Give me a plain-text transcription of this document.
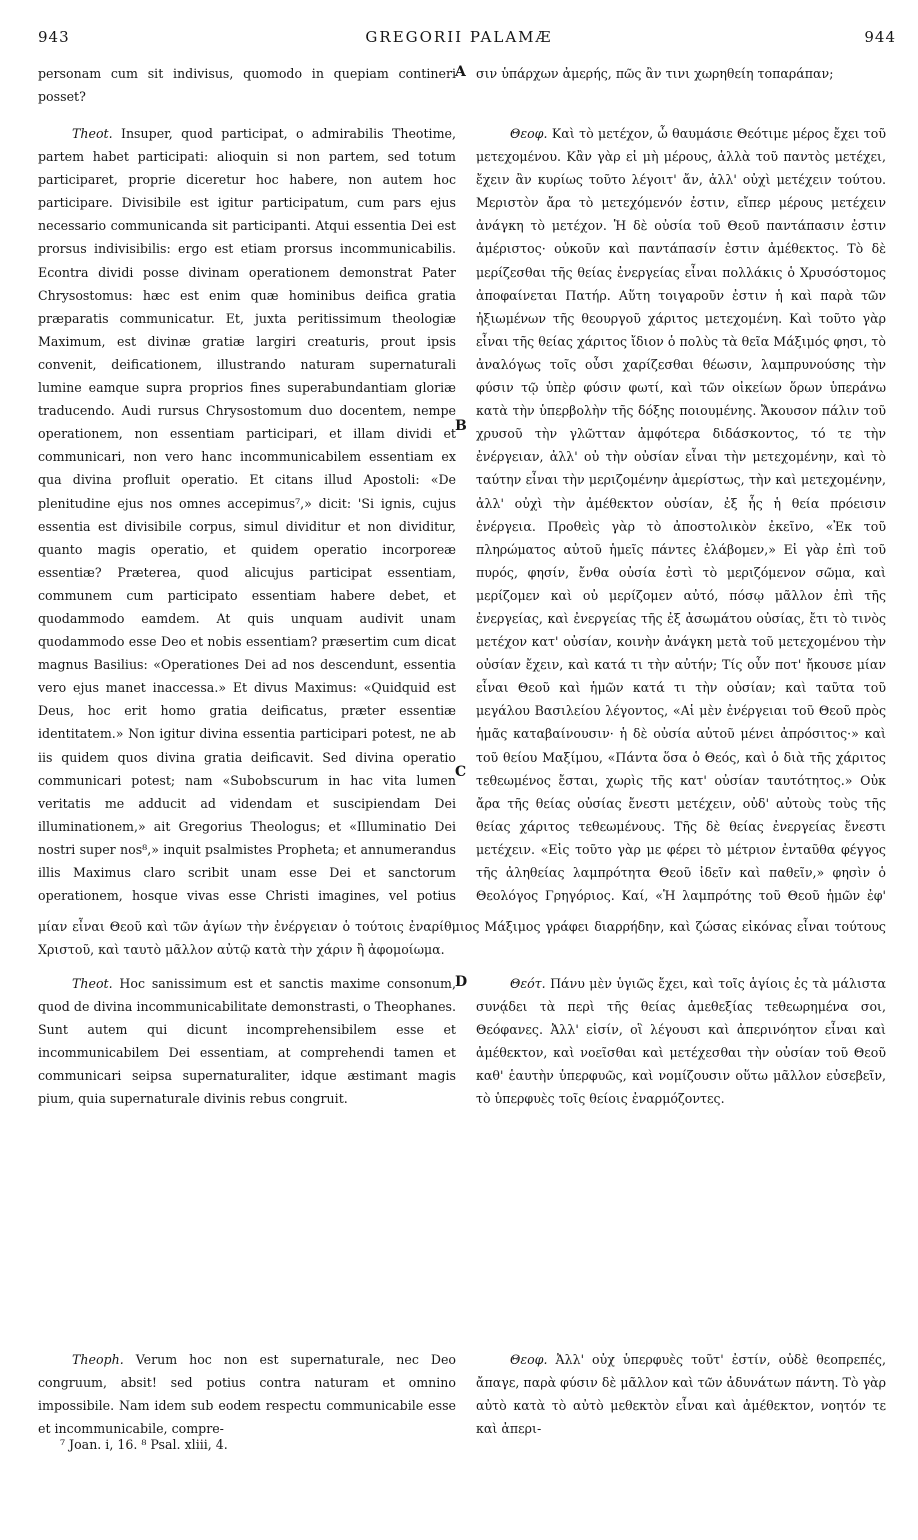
943	GREGORII PALAMÆ	944

personam cum sit indivisus, quomodo in quepiam contineri posset?

σιν ὑπάρχων ἀμερής, πῶς ἂν τινι χωρηθείη τοπαράπαν;

Theot. Insuper, quod participat, o admirabilis Theotime, partem habet participati: alioquin si non partem, sed totum participaret, proprie diceretur hoc habere, non autem hoc participare. Divisibile est igitur participatum, cum pars ejus necessario communicanda sit participanti. Atqui essentia Dei est prorsus indivisibilis: ergo est etiam prorsus incommunicabilis. Econtra dividi posse divinam operationem demonstrat Pater Chrysostomus: hæc est enim quæ hominibus deifica gratia præparatis communicatur. Et, juxta peritissimum theologiæ Maximum, est divinæ gratiæ largiri creaturis, prout ipsis convenit, deificationem, illustrando naturam supernaturali lumine eamque supra proprios fines superabundantiam gloriæ traducendo. Audi rursus Chrysostomum duo docentem, nempe operationem, non essentiam participari, et illam dividi et communicari, non vero hanc incommunicabilem essentiam ex qua divina profluit operatio. Et citans illud Apostoli: «De plenitudine ejus nos omnes accepimus⁷,» dicit: 'Si ignis, cujus essentia est divisibile corpus, simul dividitur et non dividitur, quanto magis operatio, et quidem operatio incorporeæ essentiæ? Præterea, quod alicujus participat essentiam, communem cum participato essentiam habere debet, et quodammodo eamdem. At quis unquam audivit unam quodammodo esse Deo et nobis essentiam? præsertim cum dicat magnus Basilius: «Operationes Dei ad nos descendunt, essentia vero ejus manet inaccessa.» Et divus Maximus: «Quidquid est Deus, hoc erit homo gratia deificatus, præter essentiæ identitatem.» Non igitur divina essentia participari potest, ne ab iis quidem quos divina gratia deificavit. Sed divina operatio communicari potest; nam «Subobscurum in hac vita lumen veritatis me adducit ad videndam et suscipiendam Dei illuminationem,» ait Gregorius Theologus; et «Illuminatio Dei nostri super nos⁸,» inquit psalmistes Propheta; et annumerandus illis Maximus claro scribit unam esse Dei et sanctorum operationem, hosque vivas esse Christi imagines, vel potius

Θεοφ. Καὶ τὸ μετέχον, ὦ θαυμάσιε Θεότιμε μέρος ἔχει τοῦ μετεχομένου. Κἂν γὰρ εἰ μὴ μέρους, ἀλλὰ τοῦ παντὸς μετέχει, ἔχειν ἂν κυρίως τοῦτο λέγοιτ' ἄν, ἀλλ' οὐχὶ μετέχειν τούτου. Μεριστὸν ἄρα τὸ μετεχόμενόν ἐστιν, εἴπερ μέρους μετέχειν ἀνάγκη τὸ μετέχον. Ἡ δὲ οὐσία τοῦ Θεοῦ παντάπασιν ἐστιν ἀμέριστος· οὐκοῦν καὶ παντάπασίν ἐστιν ἀμέθεκτος. Τὸ δὲ μερίζεσθαι τῆς θείας ἐνεργείας εἶναι πολλάκις ὁ Χρυσόστομος ἀποφαίνεται Πατήρ. Αὕτη τοιγαροῦν ἐστιν ἡ καὶ παρὰ τῶν ἠξιωμένων τῆς θεουργοῦ χάριτος μετεχομένη. Καὶ τοῦτο γὰρ εἶναι τῆς θείας χάριτος ἴδιον ὁ πολὺς τὰ θεῖα Μάξιμός φησι, τὸ ἀναλόγως τοῖς οὖσι χαρίζεσθαι θέωσιν, λαμπρυνούσης τὴν φύσιν τῷ ὑπὲρ φύσιν φωτί, καὶ τῶν οἰκείων ὅρων ὑπεράνω κατὰ τὴν ὑπερβολὴν τῆς δόξης ποιουμένης. Ἄκουσον πάλιν τοῦ χρυσοῦ τὴν γλῶτταν ἀμφότερα διδάσκοντος, τό τε τὴν ἐνέργειαν, ἀλλ' οὐ τὴν οὐσίαν εἶναι τὴν μετεχομένην, καὶ τὸ ταύτην εἶναι τὴν μεριζομένην ἀμερίστως, τὴν καὶ μετεχομένην, ἀλλ' οὐχὶ τὴν ἀμέθεκτον οὐσίαν, ἐξ ἧς ἡ θεία πρόεισιν ἐνέργεια. Προθεὶς γὰρ τὸ ἀποστολικὸν ἐκεῖνο, «Ἐκ τοῦ πληρώματος αὐτοῦ ἡμεῖς πάντες ἐλάβομεν,» Εἰ γὰρ ἐπὶ τοῦ πυρός, φησίν, ἔνθα οὐσία ἐστὶ τὸ μεριζόμενον σῶμα, καὶ μερίζομεν καὶ οὐ μερίζομεν αὐτό, πόσῳ μᾶλλον ἐπὶ τῆς ἐνεργείας, καὶ ἐνεργείας τῆς ἐξ ἀσωμάτου οὐσίας, ἔτι τὸ τινὸς μετέχον κατ' οὐσίαν, κοινὴν ἀνάγκη μετὰ τοῦ μετεχομένου τὴν οὐσίαν ἔχειν, καὶ κατά τι τὴν αὐτήν; Τίς οὖν ποτ' ἤκουσε μίαν εἶναι Θεοῦ καὶ ἡμῶν κατά τι τὴν οὐσίαν; καὶ ταῦτα τοῦ μεγάλου Βασιλείου λέγοντος, «Αἱ μὲν ἐνέργειαι τοῦ Θεοῦ πρὸς ἡμᾶς καταβαίνουσιν· ἡ δὲ οὐσία αὐτοῦ μένει ἀπρόσιτος·» καὶ τοῦ θείου Μαξίμου, «Πάντα ὅσα ὁ Θεός, καὶ ὁ διὰ τῆς χάριτος τεθεωμένος ἔσται, χωρὶς τῆς κατ' οὐσίαν ταυτότητος.» Οὐκ ἄρα τῆς θείας οὐσίας ἔνεστι μετέχειν, οὐδ' αὐτοὺς τοὺς τῆς θείας χάριτος τεθεωμένους. Τῆς δὲ θείας ἐνεργείας ἔνεστι μετέχειν. «Εἰς τοῦτο γὰρ με φέρει τὸ μέτριον ἐνταῦθα φέγγος τῆς ἀληθείας λαμπρότητα Θεοῦ ἰδεῖν καὶ παθεῖν,» φησὶν ὁ Θεολόγος Γρηγόριος. Καί, «Ἡ λαμπρότης τοῦ Θεοῦ ἡμῶν ἐφ'

μίαν εἶναι Θεοῦ καὶ τῶν ἁγίων τὴν ἐνέργειαν ὁ τούτοις ἐναρίθμιος Μάξιμος γράφει διαρρήδην, καὶ ζώσας εἰκόνας εἶναι τούτους Χριστοῦ, καὶ ταυτὸ μᾶλλον αὐτῷ κατὰ τὴν χάριν ἢ ἀφομοίωμα.

Theot. Hoc sanissimum est et sanctis maxime consonum, quod de divina incommunicabilitate demonstrasti, o Theophanes. Sunt autem qui dicunt incomprehensibilem esse et incommunicabilem Dei essentiam, at comprehendi tamen et communicari seipsa supernaturaliter, idque æstimant magis pium, quia supernaturale divinis rebus congruit.

Θεότ. Πάνυ μὲν ὑγιῶς ἔχει, καὶ τοῖς ἁγίοις ἐς τὰ μάλιστα συνᾴδει τὰ περὶ τῆς θείας ἀμεθεξίας τεθεωρημένα σοι, Θεόφανες. Ἀλλ' εἰσίν, οἳ λέγουσι καὶ ἀπερινόητον εἶναι καὶ ἀμέθεκτον, καὶ νοεῖσθαι καὶ μετέχεσθαι τὴν οὐσίαν τοῦ Θεοῦ καθ' ἑαυτὴν ὑπερφυῶς, καὶ νομίζουσιν οὕτω μᾶλλον εὐσεβεῖν, τὸ ὑπερφυὲς τοῖς θείοις ἐναρμόζοντες.

Theoph. Verum hoc non est supernaturale, nec Deo congruum, absit! sed potius contra naturam et omnino impossibile. Nam idem sub eodem respectu communicabile esse et incommunicabile, compre-

Θεοφ. Ἀλλ' οὐχ ὑπερφυὲς τοῦτ' ἐστίν, οὐδὲ θεοπρεπές, ἄπαγε, παρὰ φύσιν δὲ μᾶλλον καὶ τῶν ἀδυνάτων πάντη. Τὸ γὰρ αὐτὸ κατὰ τὸ αὐτὸ μεθεκτὸν εἶναι καὶ ἀμέθεκτον, νοητόν τε καὶ ἀπερι-

A
B
C
D
⁷ Joan. i, 16. ⁸ Psal. xliii, 4.
